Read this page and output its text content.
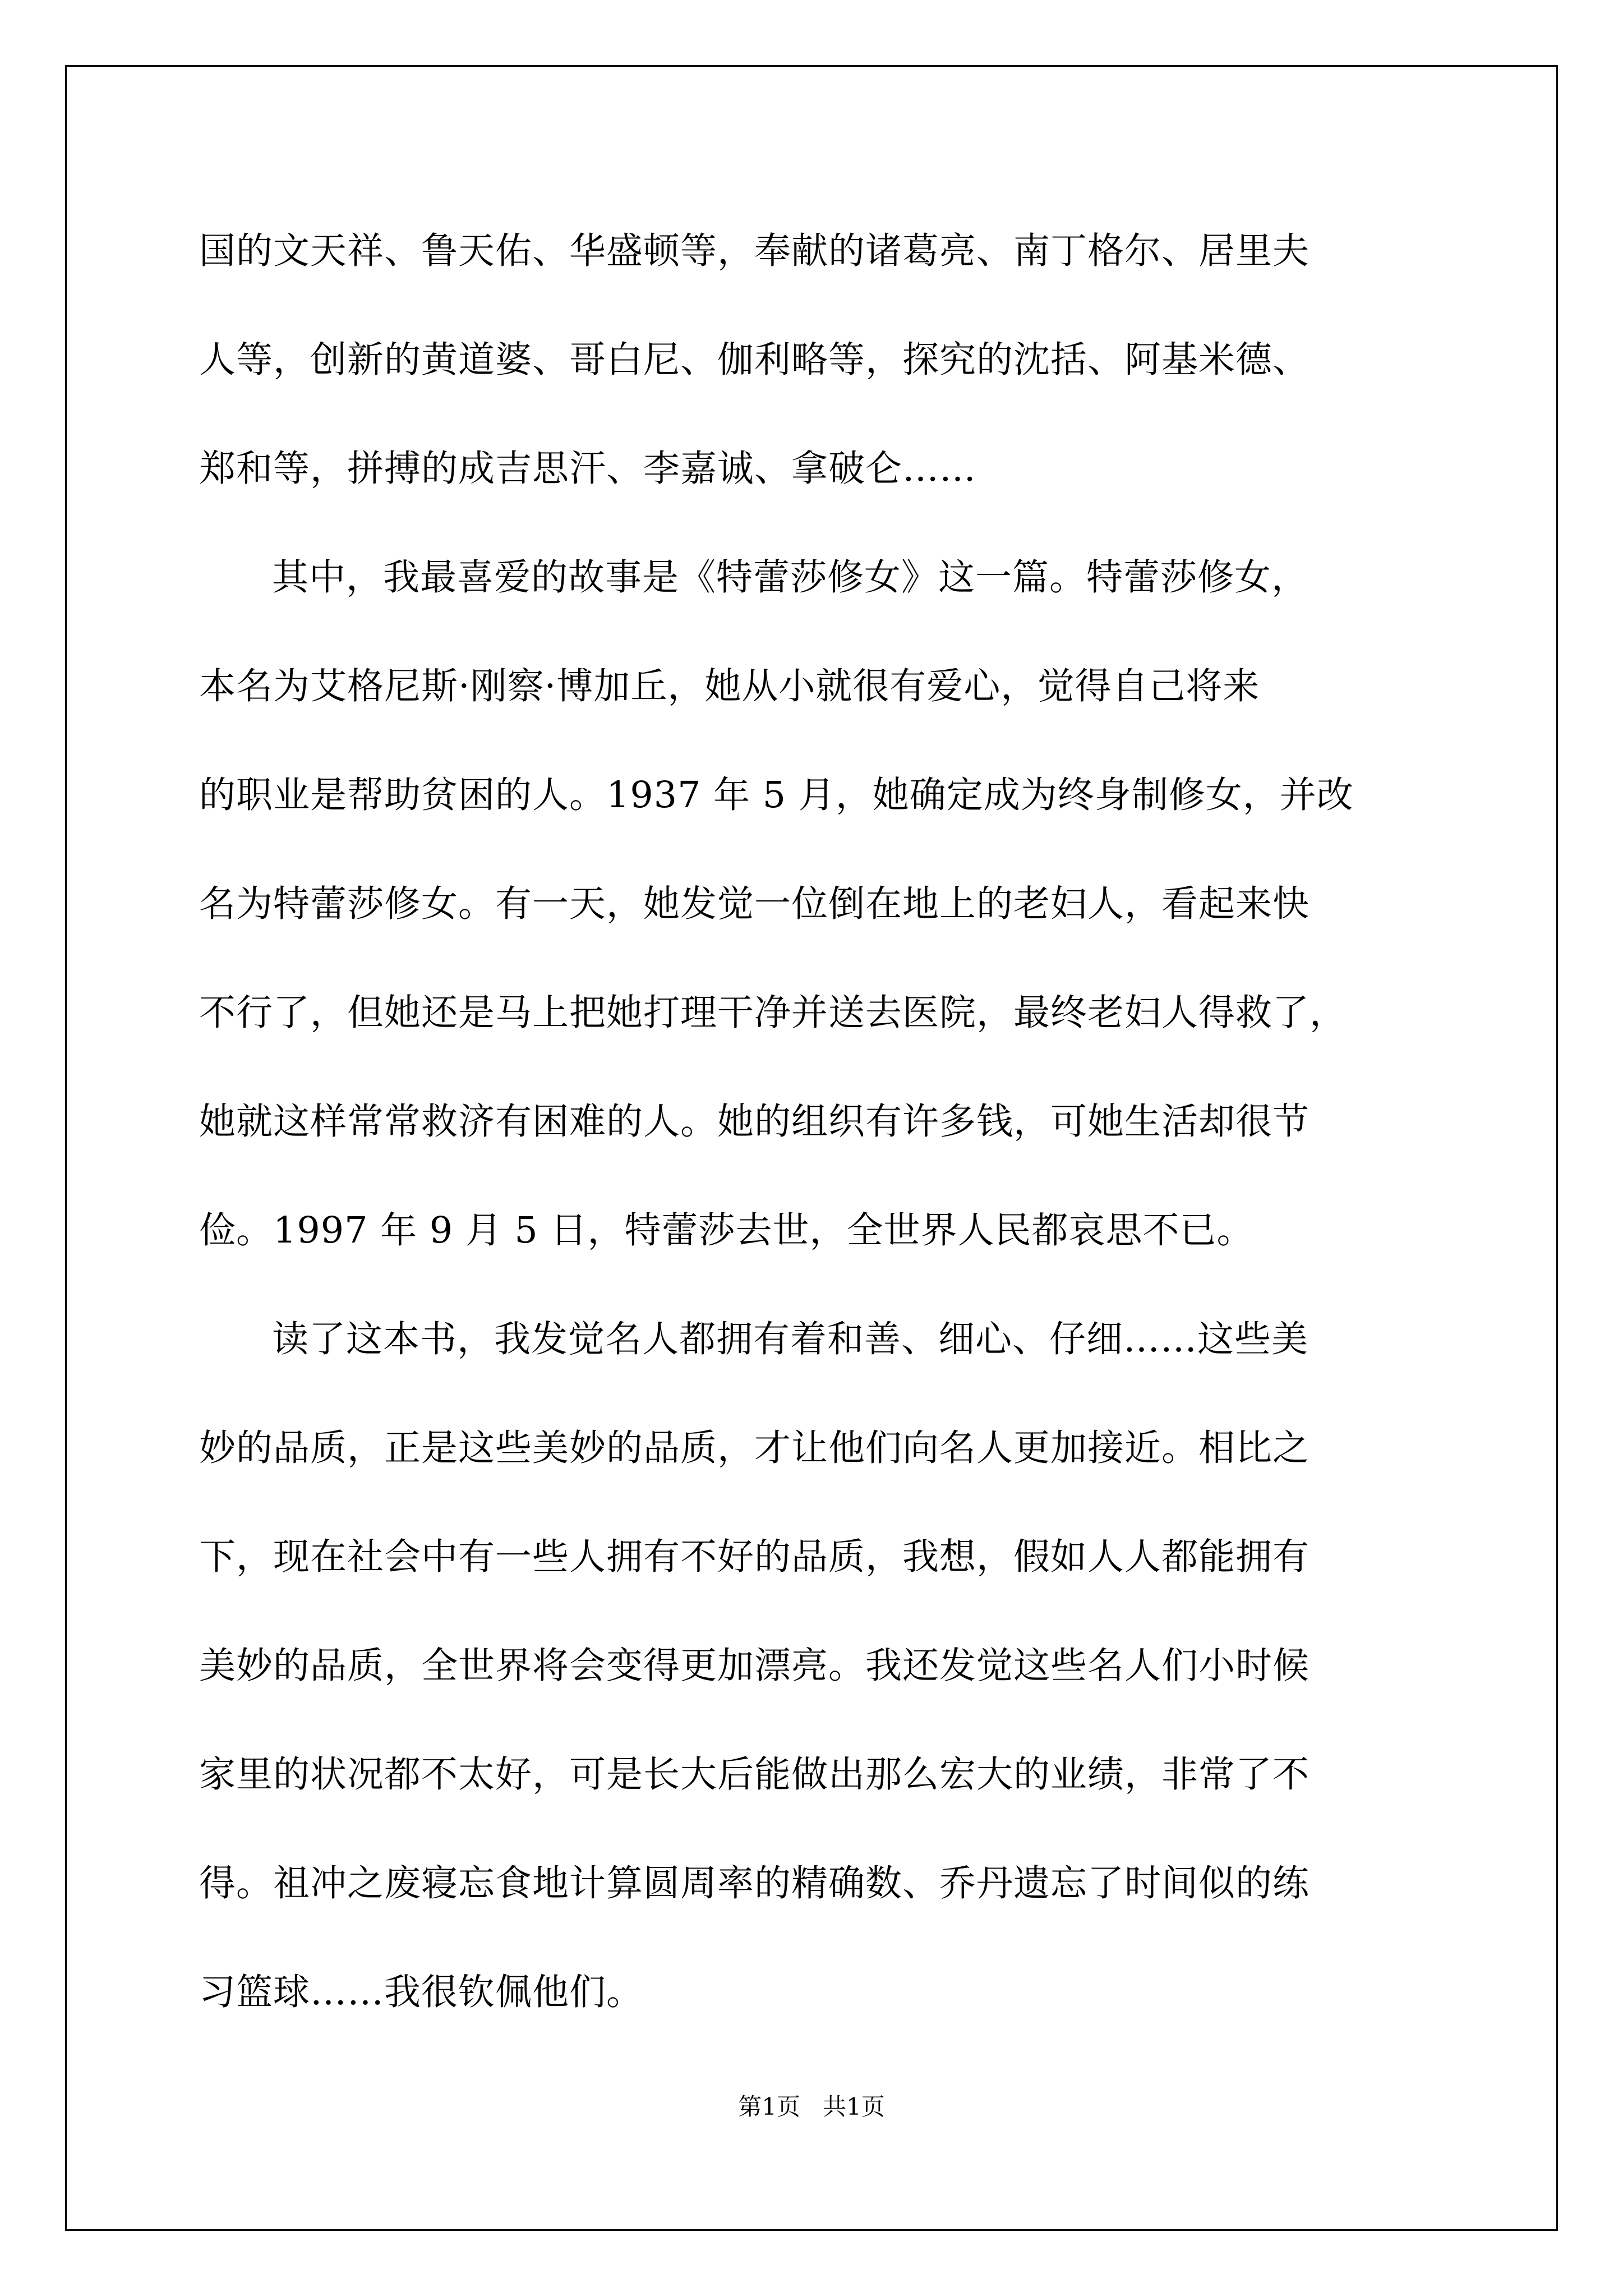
国的文天祥、鲁天佑、华盛顿等，奉献的诸葛亮、南丁格尔、居里夫
人等，创新的黄道婆、哥白尼、伽利略等，探究的沈括、阿基米德、
郑和等，拼搏的成吉思汗、李嘉诚、拿破仑……
其中，我最喜爱的故事是《特蕾莎修女》这一篇。特蕾莎修女，
本名为艾格尼斯·刚察·博加丘，她从小就很有爱心，觉得自己将来
的职业是帮助贫困的人。1937 年 5 月，她确定成为终身制修女，并改
名为特蕾莎修女。有一天，她发觉一位倒在地上的老妇人，看起来快
不行了，但她还是马上把她打理干净并送去医院，最终老妇人得救了，
她就这样常常救济有困难的人。她的组织有许多钱，可她生活却很节
俭。1997 年 9 月 5 日，特蕾莎去世，全世界人民都哀思不已。
读了这本书，我发觉名人都拥有着和善、细心、仔细……这些美
妙的品质，正是这些美妙的品质，才让他们向名人更加接近。相比之
下，现在社会中有一些人拥有不好的品质，我想，假如人人都能拥有
美妙的品质，全世界将会变得更加漂亮。我还发觉这些名人们小时候
家里的状况都不太好，可是长大后能做出那么宏大的业绩，非常了不
得。祖冲之废寝忘食地计算圆周率的精确数、乔丹遗忘了时间似的练
习篮球……我很钦佩他们。
第1页   共1页
